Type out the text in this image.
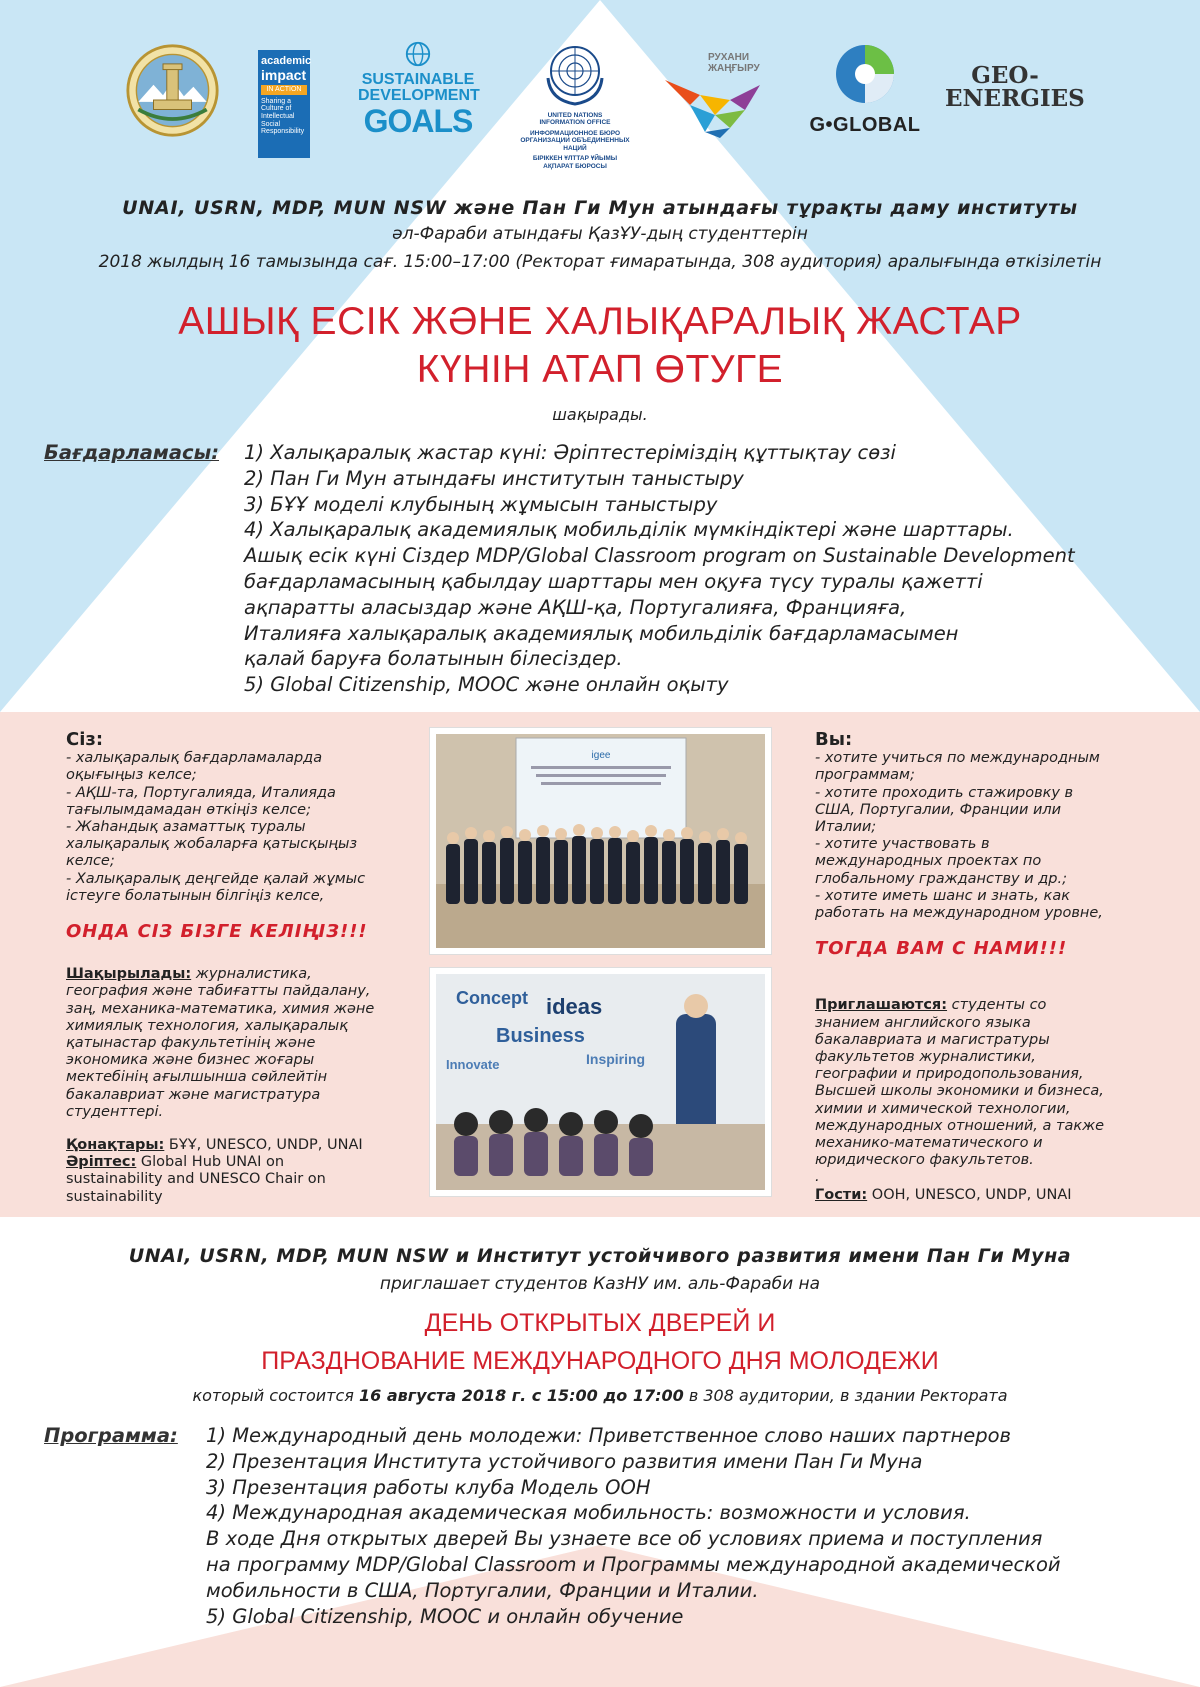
academic
impact
IN ACTION
Sharing a Culture of Intellectual Social Responsibility
SUSTAINABLE
DEVELOPMENT
GOALS	UNITED NATIONS
INFORMATION OFFICE
ИНФОРМАЦИОННОЕ БЮРО
ОРГАНИЗАЦИИ ОБЪЕДИНЕННЫХ
НАЦИЙ
БІРІККЕН ҰЛТТАР ҰЙЫМЫ
АҚПАРАТ БЮРОСЫ
РУХАНИ
ЖАҢҒЫРУ
G•GLOBAL
GEO-
ENERGIES
UNAI, USRN, MDP, MUN NSW және Пан Ги Мун атындағы тұрақты даму институты
әл-Фараби атындағы ҚазҰУ-дың студенттерін
2018 жылдың 16 тамызында сағ. 15:00–17:00 (Ректорат ғимаратында, 308 аудитория) аралығында өткізілетін
АШЫҚ ЕСІК ЖӘНЕ ХАЛЫҚАРАЛЫҚ ЖАСТАР
КҮНІН АТАП ӨТУГЕ
шақырады.
Бағдарламасы: 1) Халықаралық жастар күні: Әріптестеріміздің құттықтау сөзі
2) Пан Ги Мун атындағы институтын таныстыру
3) БҰҰ моделі клубының жұмысын таныстыру
4) Халықаралық академиялық мобильділік мүмкіндіктері және шарттары.
Ашық есік күні Сіздер MDP/Global Classroom program on Sustainable Development
бағдарламасының қабылдау шарттары мен оқуға түсу туралы қажетті
ақпаратты аласыздар және АҚШ-қа, Португалияға, Францияға,
Италияға халықаралық академиялық мобильділік бағдарламасымен
қалай баруға болатынын білесіздер.
5) Global Citizenship, MOOC және онлайн оқыту
Сіз:
- халықаралық бағдарламаларда
оқығыңыз келсе;
- АҚШ-та, Португалияда, Италияда
тағылымдамадан өткіңіз келсе;
- Жаһандық азаматтық туралы
халықаралық жобаларға қатысқыңыз
келсе;
- Халықаралық деңгейде қалай жұмыс
істеуге болатынын білгіңіз келсе,
ОНДА СІЗ БІЗГЕ КЕЛІҢІЗ!!!
Шақырылады: журналистика,
география және табиғатты пайдалану,
заң, механика-математика, химия және
химиялық технология, халықаралық
қатынастар факультетінің және
экономика және бизнес жоғары
мектебінің ағылшынша сөйлейтін
бакалавриат және магистратура
студенттері.
Қонақтары: БҰҰ, UNESCO, UNDP, UNAI
Әріптес: Global Hub UNAI on
sustainability and UNESCO Chair on
sustainability
igee
Concept ideas
Business
Innovate	Inspiring
Вы:
- хотите учиться по международным
программам;
- хотите проходить стажировку в
США, Португалии, Франции или
Италии;
- хотите участвовать в
международных проектах по
глобальному гражданству и др.;
- хотите иметь шанс и знать, как
работать на международном уровне,
ТОГДА ВАМ С НАМИ!!!
Приглашаются: студенты со
знанием английского языка
бакалавриата и магистратуры
факультетов журналистики,
географии и природопользования,
Высшей школы экономики и бизнеса,
химии и химической технологии,
международных отношений, а также
механико-математического и
юридического факультетов.
.
Гости: ООН, UNESCO, UNDP, UNAI
UNAI, USRN, MDP, MUN NSW и Институт устойчивого развития имени Пан Ги Муна
приглашает студентов КазНУ им. аль-Фараби на
ДЕНЬ ОТКРЫТЫХ ДВЕРЕЙ И
ПРАЗДНОВАНИЕ МЕЖДУНАРОДНОГО ДНЯ МОЛОДЕЖИ
который состоится 16 августа 2018 г. с 15:00 до 17:00 в 308 аудитории, в здании Ректората
Программа: 1) Международный день молодежи: Приветственное слово наших партнеров
2) Презентация Института устойчивого развития имени Пан Ги Муна
3) Презентация работы клуба Модель ООН
4) Международная академическая мобильность: возможности и условия.
В ходе Дня открытых дверей Вы узнаете все об условиях приема и поступления
на программу MDP/Global Classroom и Программы международной академической
мобильности в США, Португалии, Франции и Италии.
5) Global Citizenship, MOOC и онлайн обучение
